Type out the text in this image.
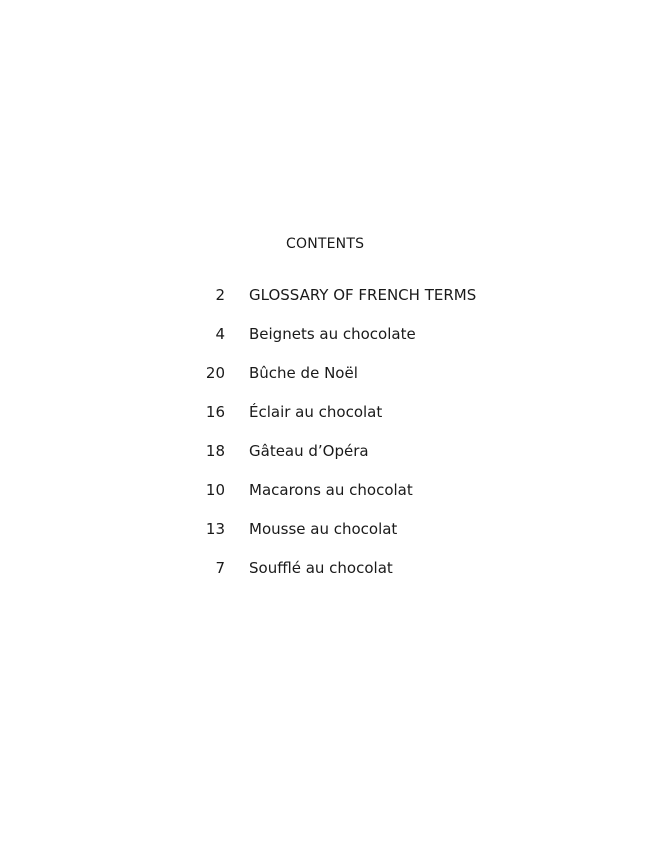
CONTENTS
2 GLOSSARY OF FRENCH TERMS
4 Beignets au chocolate
20 Bûche de Noël
16 Éclair au chocolat
18 Gâteau d’Opéra
10 Macarons au chocolat
13 Mousse au chocolat
7 Soufflé au chocolat
